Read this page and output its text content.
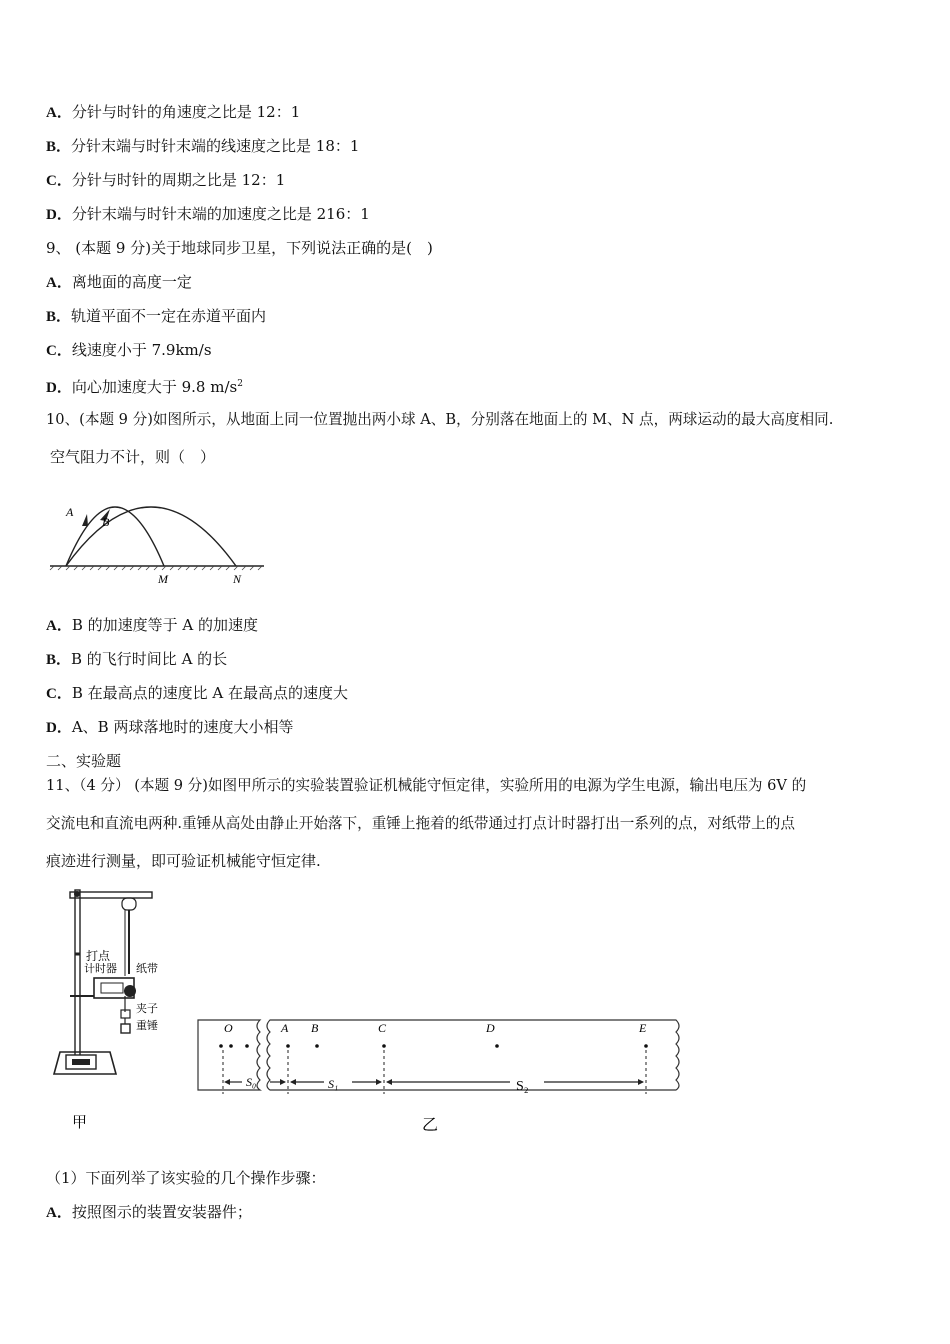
A．分针与时针的角速度之比是 12：1
B．分针末端与时针末端的线速度之比是 18：1
C．分针与时针的周期之比是 12：1
D．分针末端与时针末端的加速度之比是 216：1
9、 (本题 9 分)关于地球同步卫星，下列说法正确的是(　)
A．离地面的高度一定
B．轨道平面不一定在赤道平面内
C．线速度小于 7.9km/s
D．向心加速度大于 9.8 $m/s^2$
10、(本题 9 分)如图所示，从地面上同一位置抛出两小球 A、B，分别落在地面上的 M、N 点，两球运动的最大高度相同.
空气阻力不计，则（　）
A
B
M	N
A．B 的加速度等于 A 的加速度
B．B 的飞行时间比 A 的长
C．B 在最高点的速度比 A 在最高点的速度大
D．A、B 两球落地时的速度大小相等
二、实验题
11、（4 分） (本题 9 分)如图甲所示的实验装置验证机械能守恒定律，实验所用的电源为学生电源，输出电压为 6V 的
交流电和直流电两种.重锤从高处由静止开始落下，重锤上拖着的纸带通过打点计时器打出一系列的点，对纸带上的点
痕迹进行测量，即可验证机械能守恒定律.
打点
计时器 纸带
夹子
重锤
甲
O	A B	C	D	E
S₀	S₁	S₂
乙
（1）下面列举了该实验的几个操作步骤：
A．按照图示的装置安装器件；
